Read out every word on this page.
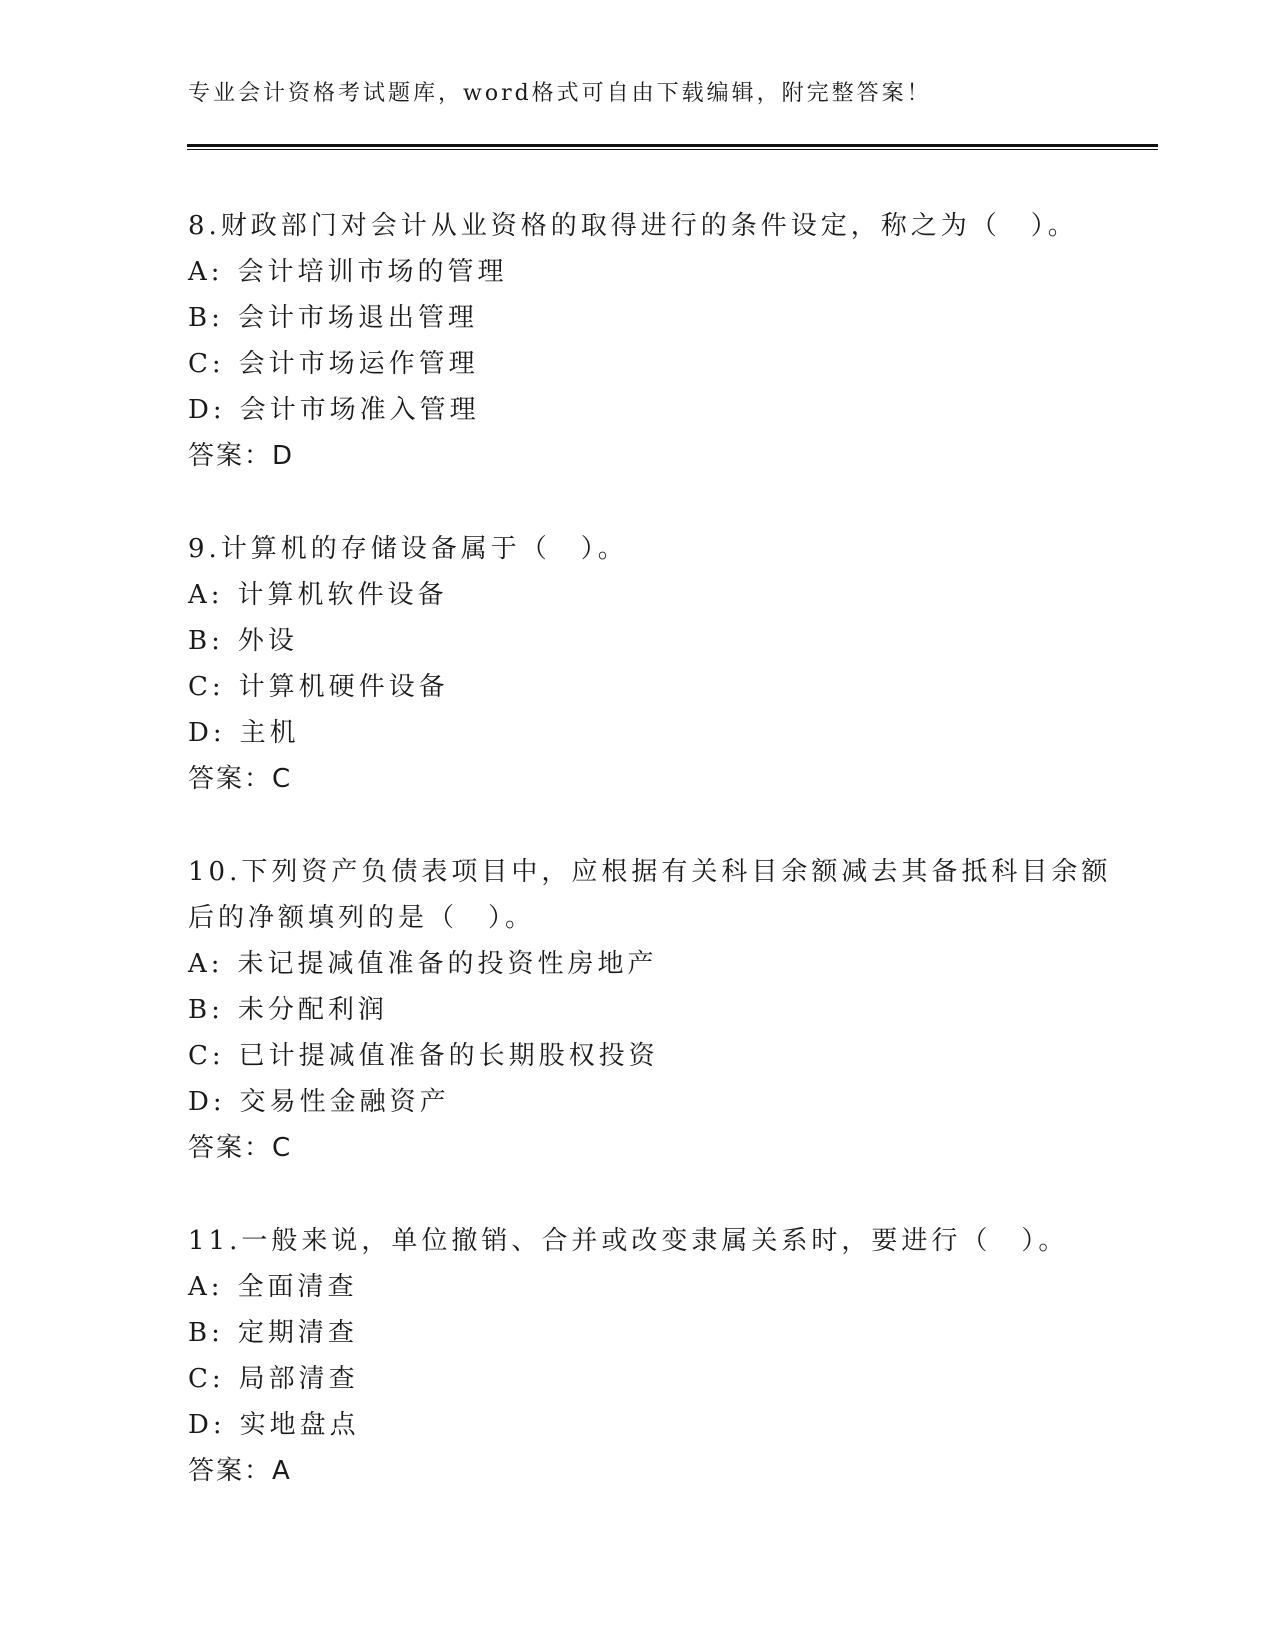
专业会计资格考试题库，word格式可自由下载编辑，附完整答案！
8.财政部门对会计从业资格的取得进行的条件设定，称之为（　）。
A: 会计培训市场的管理
B: 会计市场退出管理
C: 会计市场运作管理
D: 会计市场准入管理
答案：D
9.计算机的存储设备属于（　）。
A: 计算机软件设备
B: 外设
C: 计算机硬件设备
D: 主机
答案：C
10.下列资产负债表项目中，应根据有关科目余额减去其备抵科目余额后的净额填列的是（　）。
A: 未记提减值准备的投资性房地产
B: 未分配利润
C: 已计提减值准备的长期股权投资
D: 交易性金融资产
答案：C
11.一般来说，单位撤销、合并或改变隶属关系时，要进行（　）。
A: 全面清查
B: 定期清查
C: 局部清查
D: 实地盘点
答案：A
